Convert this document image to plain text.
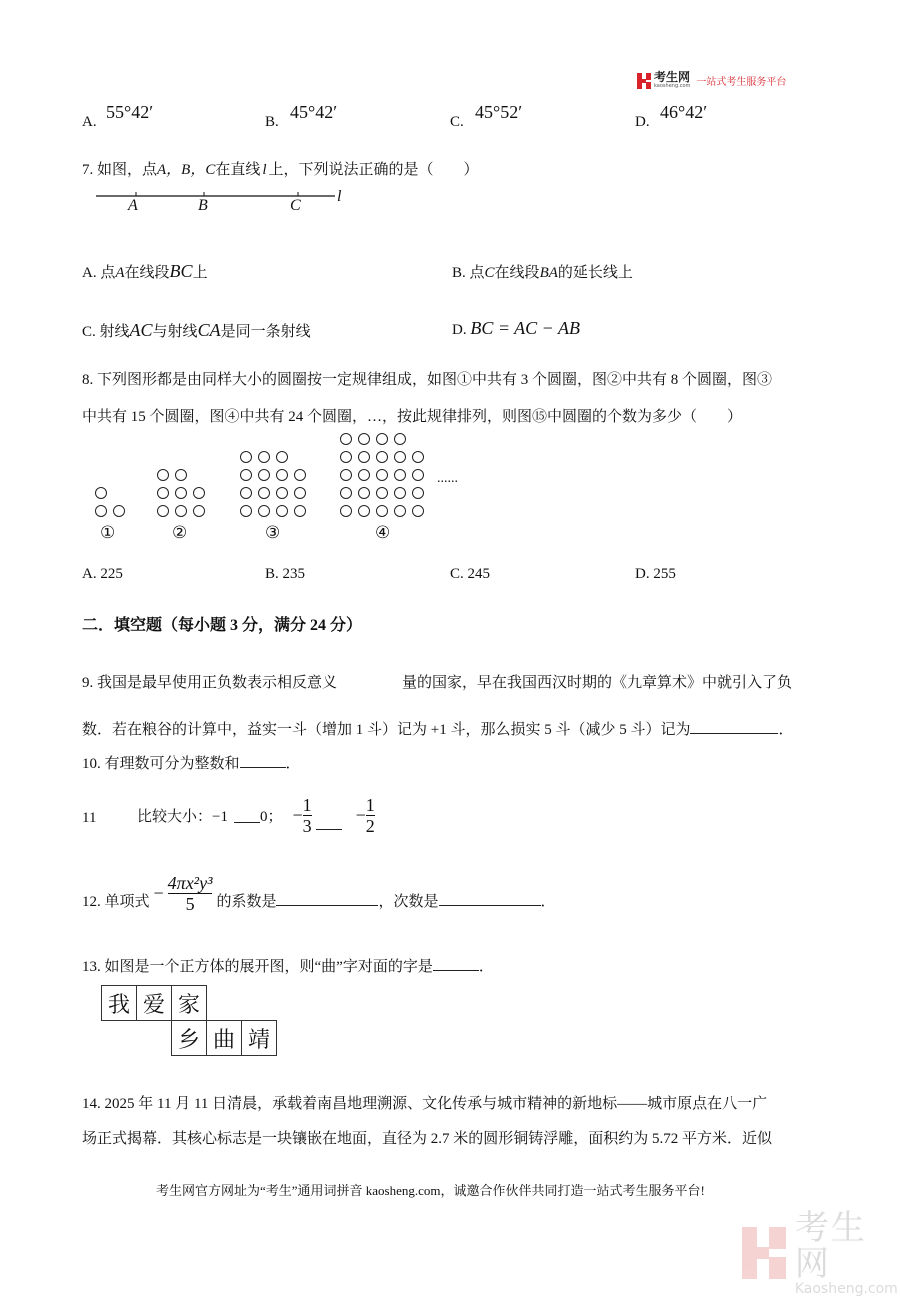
考生网
kaosheng.com 一站式考生服务平台
A. 55°42′	B. 45°42′	C. 45°52′	D. 46°42′
7. 如图，点A，B，C在直线 l 上，下列说法正确的是（　　）
A	B	C
l
A. 点A在线段BC上	B. 点C在线段BA的延长线上
C. 射线AC与射线CA是同一条射线	D. BC = AC − AB
8. 下列图形都是由同样大小的圆圈按一定规律组成，如图①中共有 3 个圆圈，图②中共有 8 个圆圈，图③
中共有 15 个圆圈，图④中共有 24 个圆圈，…，按此规律排列，则图⑮中圆圈的个数为多少（　　）
①	②	③	④
......
A. 225	B. 235	C. 245	D. 255
二．填空题（每小题 3 分，满分 24 分）
9. 我国是最早使用正负数表示相反意义	量的国家，早在我国西汉时期的《九章算术》中就引入了负
数．若在粮谷的计算中，益实一斗（增加 1 斗）记为 +1 斗，那么损实 5 斗（减少 5 斗）记为	．
10. 有理数可分为整数和	．
11	比较大小：−1 0； − $\frac{1}{3} - \frac{1}{2}$
12. 单项式 − $\frac{\text{4πx²y³}}{5}$ 的系数是	，次数是	．
13. 如图是一个正方体的展开图，则“曲”字对面的字是	．
我	爱	家
乡	曲	靖
14. 2025 年 11 月 11 日清晨，承载着南昌地理溯源、文化传承与城市精神的新地标——城市原点在八一广
场正式揭幕．其核心标志是一块镶嵌在地面，直径为 2.7 米的圆形铜铸浮雕，面积约为 5.72 平方米．近似
考生网官方网址为“考生”通用词拼音 kaosheng.com，诚邀合作伙伴共同打造一站式考生服务平台!
考生网
Kaosheng.com
